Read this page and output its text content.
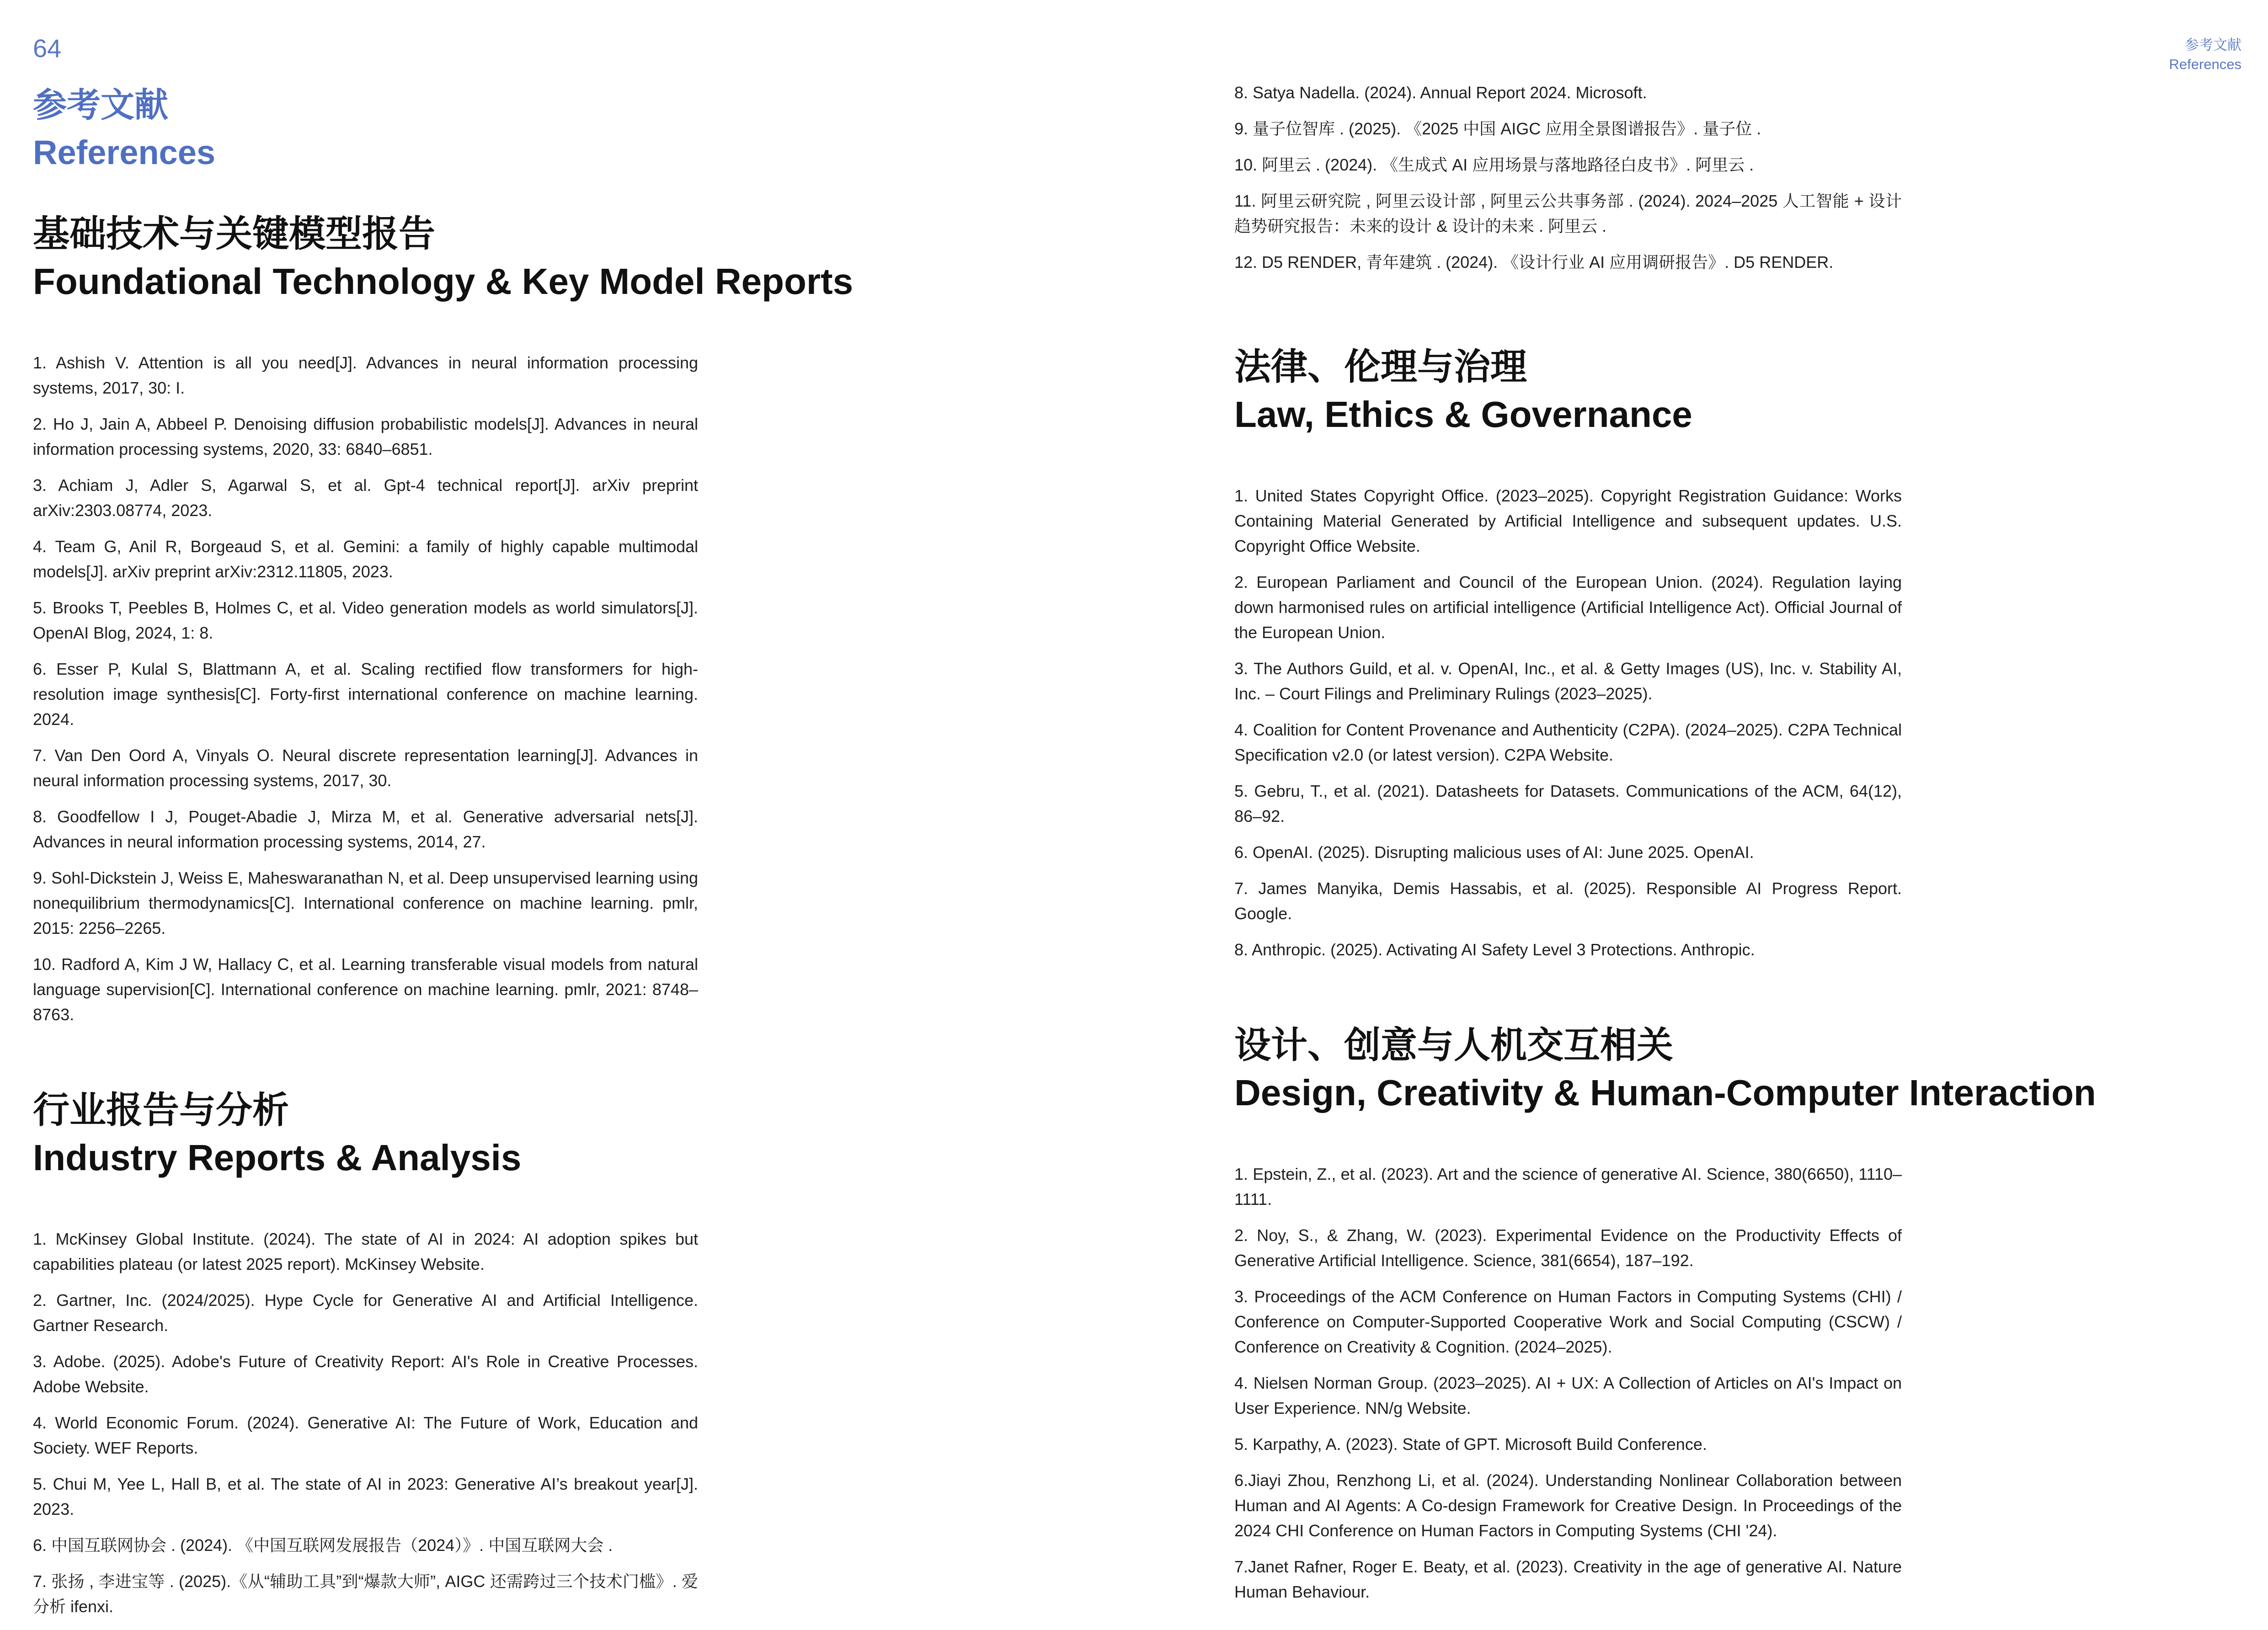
64	参考文献
References
参考文献
References
基础技术与关键模型报告
Foundational Technology & Key Model Reports
1. Ashish V. Attention is all you need[J]. Advances in neural information processing systems, 2017, 30: I.
2. Ho J, Jain A, Abbeel P. Denoising diffusion probabilistic models[J]. Advances in neural information processing systems, 2020, 33: 6840–6851.
3. Achiam J, Adler S, Agarwal S, et al. Gpt-4 technical report[J]. arXiv preprint arXiv:2303.08774, 2023.
4. Team G, Anil R, Borgeaud S, et al. Gemini: a family of highly capable multimodal models[J]. arXiv preprint arXiv:2312.11805, 2023.
5. Brooks T, Peebles B, Holmes C, et al. Video generation models as world simulators[J]. OpenAI Blog, 2024, 1: 8.
6. Esser P, Kulal S, Blattmann A, et al. Scaling rectified flow transformers for high-resolution image synthesis[C]. Forty-first international conference on machine learning. 2024.
7. Van Den Oord A, Vinyals O. Neural discrete representation learning[J]. Advances in neural information processing systems, 2017, 30.
8. Goodfellow I J, Pouget-Abadie J, Mirza M, et al. Generative adversarial nets[J]. Advances in neural information processing systems, 2014, 27.
9. Sohl-Dickstein J, Weiss E, Maheswaranathan N, et al. Deep unsupervised learning using nonequilibrium thermodynamics[C]. International conference on machine learning. pmlr, 2015: 2256–2265.
10. Radford A, Kim J W, Hallacy C, et al. Learning transferable visual models from natural language supervision[C]. International conference on machine learning. pmlr, 2021: 8748–8763.
行业报告与分析
Industry Reports & Analysis
1. McKinsey Global Institute. (2024). The state of AI in 2024: AI adoption spikes but capabilities plateau (or latest 2025 report). McKinsey Website.
2. Gartner, Inc. (2024/2025). Hype Cycle for Generative AI and Artificial Intelligence. Gartner Research.
3. Adobe. (2025). Adobe's Future of Creativity Report: AI's Role in Creative Processes. Adobe Website.
4. World Economic Forum. (2024). Generative AI: The Future of Work, Education and Society. WEF Reports.
5. Chui M, Yee L, Hall B, et al. The state of AI in 2023: Generative AI’s breakout year[J]. 2023.
6. 中国互联网协会 . (2024). 《中国互联网发展报告（2024）》. 中国互联网大会 .
7. 张扬 , 李进宝等 . (2025).《从“辅助工具”到“爆款大师”, AIGC 还需跨过三个技术门槛》. 爱分析 ifenxi.
8. Satya Nadella. (2024). Annual Report 2024. Microsoft.
9. 量子位智库 . (2025). 《2025 中国 AIGC 应用全景图谱报告》. 量子位 .
10. 阿里云 . (2024). 《生成式 AI 应用场景与落地路径白皮书》. 阿里云 .
11. 阿里云研究院 , 阿里云设计部 , 阿里云公共事务部 . (2024). 2024–2025 人工智能 + 设计趋势研究报告：未来的设计 & 设计的未来 . 阿里云 .
12. D5 RENDER, 青年建筑 . (2024). 《设计行业 AI 应用调研报告》. D5 RENDER.
法律、伦理与治理
Law, Ethics & Governance
1. United States Copyright Office. (2023–2025). Copyright Registration Guidance: Works Containing Material Generated by Artificial Intelligence and subsequent updates. U.S. Copyright Office Website.
2. European Parliament and Council of the European Union. (2024). Regulation laying down harmonised rules on artificial intelligence (Artificial Intelligence Act). Official Journal of the European Union.
3. The Authors Guild, et al. v. OpenAI, Inc., et al. & Getty Images (US), Inc. v. Stability AI, Inc. – Court Filings and Preliminary Rulings (2023–2025).
4. Coalition for Content Provenance and Authenticity (C2PA). (2024–2025). C2PA Technical Specification v2.0 (or latest version). C2PA Website.
5. Gebru, T., et al. (2021). Datasheets for Datasets. Communications of the ACM, 64(12), 86–92.
6. OpenAI. (2025). Disrupting malicious uses of AI: June 2025. OpenAI.
7. James Manyika, Demis Hassabis, et al. (2025). Responsible AI Progress Report. Google.
8. Anthropic. (2025). Activating AI Safety Level 3 Protections. Anthropic.
设计、创意与人机交互相关
Design, Creativity & Human-Computer Interaction
1. Epstein, Z., et al. (2023). Art and the science of generative AI. Science, 380(6650), 1110–1111.
2. Noy, S., & Zhang, W. (2023). Experimental Evidence on the Productivity Effects of Generative Artificial Intelligence. Science, 381(6654), 187–192.
3. Proceedings of the ACM Conference on Human Factors in Computing Systems (CHI) / Conference on Computer-Supported Cooperative Work and Social Computing (CSCW) / Conference on Creativity & Cognition. (2024–2025).
4. Nielsen Norman Group. (2023–2025). AI + UX: A Collection of Articles on AI's Impact on User Experience. NN/g Website.
5. Karpathy, A. (2023). State of GPT. Microsoft Build Conference.
6.Jiayi Zhou, Renzhong Li, et al. (2024). Understanding Nonlinear Collaboration between Human and AI Agents: A Co-design Framework for Creative Design. In Proceedings of the 2024 CHI Conference on Human Factors in Computing Systems (CHI '24).
7.Janet Rafner, Roger E. Beaty, et al. (2023). Creativity in the age of generative AI. Nature Human Behaviour.
